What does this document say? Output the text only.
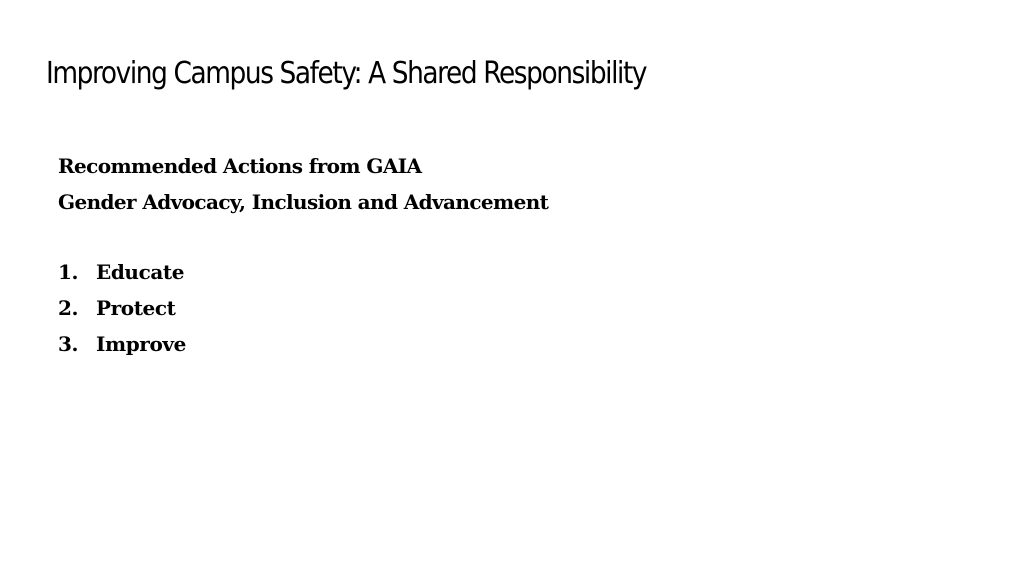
Improving Campus Safety: A Shared Responsibility
Recommended Actions from GAIA
Gender Advocacy, Inclusion and Advancement
1. Educate
2. Protect
3. Improve
